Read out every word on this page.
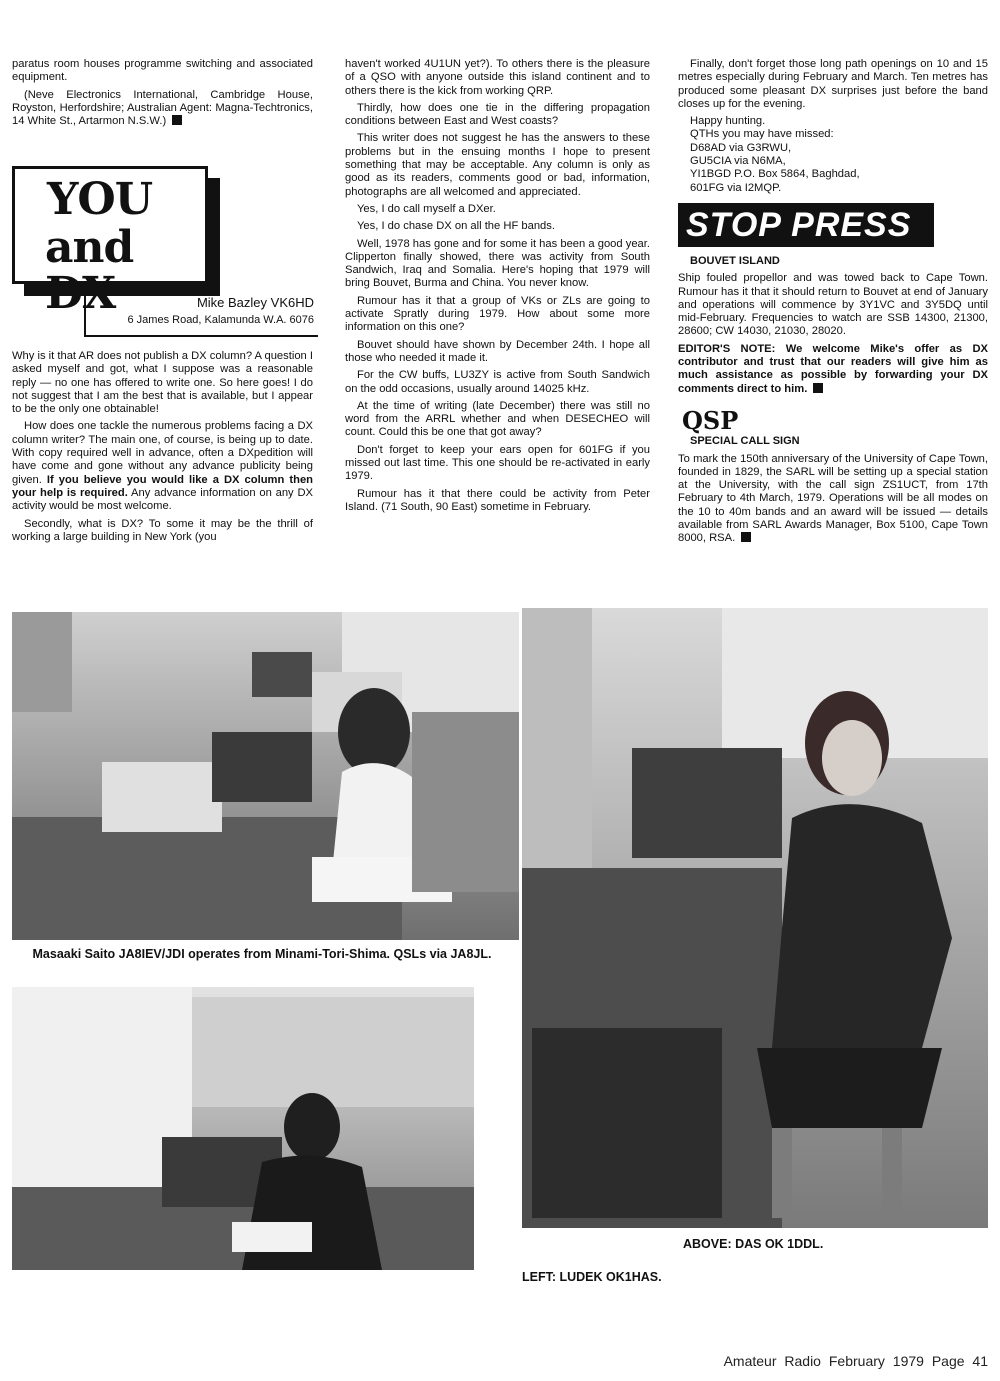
paratus room houses programme switching and associated equipment.

(Neve Electronics International, Cambridge House, Royston, Herfordshire; Australian Agent: Magna-Techtronics, 14 White St., Artarmon N.S.W.)

YOU
and DX	Mike Bazley VK6HD
6 James Road, Kalamunda W.A. 6076

Why is it that AR does not publish a DX column? A question I asked myself and got, what I suppose was a reasonable reply — no one has offered to write one. So here goes! I do not suggest that I am the best that is available, but I appear to be the only one obtainable!

How does one tackle the numerous problems facing a DX column writer? The main one, of course, is being up to date. With copy required well in advance, often a DXpedition will have come and gone without any advance publicity being given. If you believe you would like a DX column then your help is required. Any advance information on any DX activity would be most welcome.

Secondly, what is DX? To some it may be the thrill of working a large building in New York (you

haven't worked 4U1UN yet?). To others there is the pleasure of a QSO with anyone outside this island continent and to others there is the kick from working QRP.

Thirdly, how does one tie in the differing propagation conditions between East and West coasts?

This writer does not suggest he has the answers to these problems but in the ensuing months I hope to present something that may be acceptable. Any column is only as good as its readers, comments good or bad, information, photographs are all welcomed and appreciated.

Yes, I do call myself a DXer.

Yes, I do chase DX on all the HF bands.

Well, 1978 has gone and for some it has been a good year. Clipperton finally showed, there was activity from South Sandwich, Iraq and Somalia. Here's hoping that 1979 will bring Bouvet, Burma and China. You never know.

Rumour has it that a group of VKs or ZLs are going to activate Spratly during 1979. How about some more information on this one?

Bouvet should have shown by December 24th. I hope all those who needed it made it.

For the CW buffs, LU3ZY is active from South Sandwich on the odd occasions, usually around 14025 kHz.

At the time of writing (late December) there was still no word from the ARRL whether and when DESECHEO will count. Could this be one that got away?

Don't forget to keep your ears open for 601FG if you missed out last time. This one should be re-activated in early 1979.

Rumour has it that there could be activity from Peter Island. (71 South, 90 East) sometime in February.

Finally, don't forget those long path openings on 10 and 15 metres especially during February and March. Ten metres has produced some pleasant DX surprises just before the band closes up for the evening.

Happy hunting.

QTHs you may have missed:
D68AD via G3RWU,
GU5CIA via N6MA,
YI1BGD P.O. Box 5864, Baghdad,
601FG via I2MQP.
STOP PRESS

BOUVET ISLAND

Ship fouled propellor and was towed back to Cape Town. Rumour has it that it should return to Bouvet at end of January and operations will commence by 3Y1VC and 3Y5DQ until mid-February. Frequencies to watch are SSB 14300, 21300, 28600; CW 14030, 21030, 28020.

EDITOR'S NOTE: We welcome Mike's offer as DX contributor and trust that our readers will give him as much assistance as possible by forwarding your DX comments direct to him.

QSP

SPECIAL CALL SIGN

To mark the 150th anniversary of the University of Cape Town, founded in 1829, the SARL will be setting up a special station at the University, with the call sign ZS1UCT, from 17th February to 4th March, 1979. Operations will be all modes on the 10 to 40m bands and an award will be issued — details available from SARL Awards Manager, Box 5100, Cape Town 8000, RSA.

Masaaki Saito JA8IEV/JDI operates from Minami-Tori-Shima. QSLs via JA8JL.
ABOVE: DAS OK 1DDL.
LEFT: LUDEK OK1HAS.
Amateur Radio February 1979 Page 41
